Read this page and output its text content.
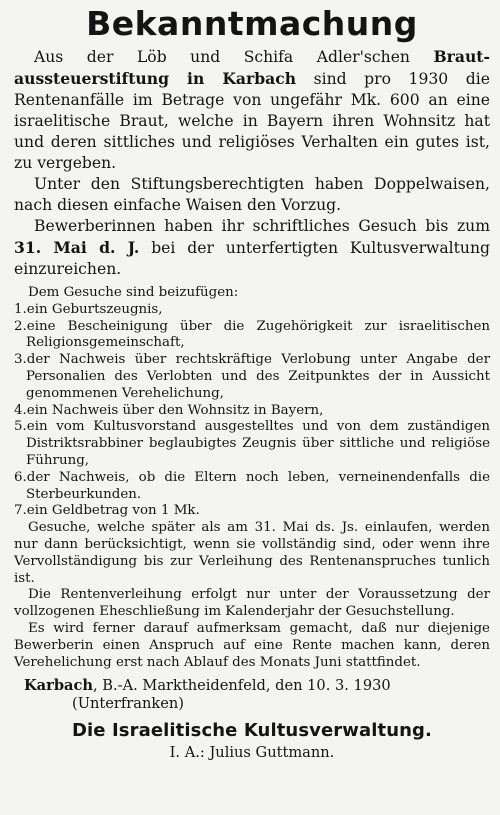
Bekanntmachung

Aus der Löb und Schifa Adler'schen Brautaussteuerstiftung in Karbach sind pro 1930 die Rentenanfälle im Betrage von ungefähr Mk. 600 an eine israelitische Braut, welche in Bayern ihren Wohnsitz hat und deren sittliches und religiöses Verhalten ein gutes ist, zu vergeben.

Unter den Stiftungsberechtigten haben Doppelwaisen, nach diesen einfache Waisen den Vorzug.

Bewerberinnen haben ihr schriftliches Gesuch bis zum 31. Mai d. J. bei der unterfertigten Kultusverwaltung einzureichen.

Dem Gesuche sind beizufügen:

1.ein Geburtszeugnis,

2.eine Bescheinigung über die Zugehörigkeit zur israelitischen Religionsgemeinschaft,

3.der Nachweis über rechtskräftige Verlobung unter Angabe der Personalien des Verlobten und des Zeitpunktes der in Aussicht genommenen Verehelichung,

4.ein Nachweis über den Wohnsitz in Bayern,

5.ein vom Kultusvorstand ausgestelltes und von dem zuständigen Distriktsrabbiner beglaubigtes Zeugnis über sittliche und religiöse Führung,

6.der Nachweis, ob die Eltern noch leben, verneinendenfalls die Sterbeurkunden.

7.ein Geldbetrag von 1 Mk.

Gesuche, welche später als am 31. Mai ds. Js. einlaufen, werden nur dann berücksichtigt, wenn sie vollständig sind, oder wenn ihre Vervollständigung bis zur Verleihung des Rentenanspruches tunlich ist.

Die Rentenverleihung erfolgt nur unter der Voraussetzung der vollzogenen Eheschließung im Kalenderjahr der Gesuchstellung.

Es wird ferner darauf aufmerksam gemacht, daß nur diejenige Bewerberin einen Anspruch auf eine Rente machen kann, deren Verehelichung erst nach Ablauf des Monats Juni stattfindet.

Karbach, B.-A. Marktheidenfeld, den 10. 3. 1930
(Unterfranken)
Die Israelitische Kultusverwaltung.
I. A.: Julius Guttmann.
